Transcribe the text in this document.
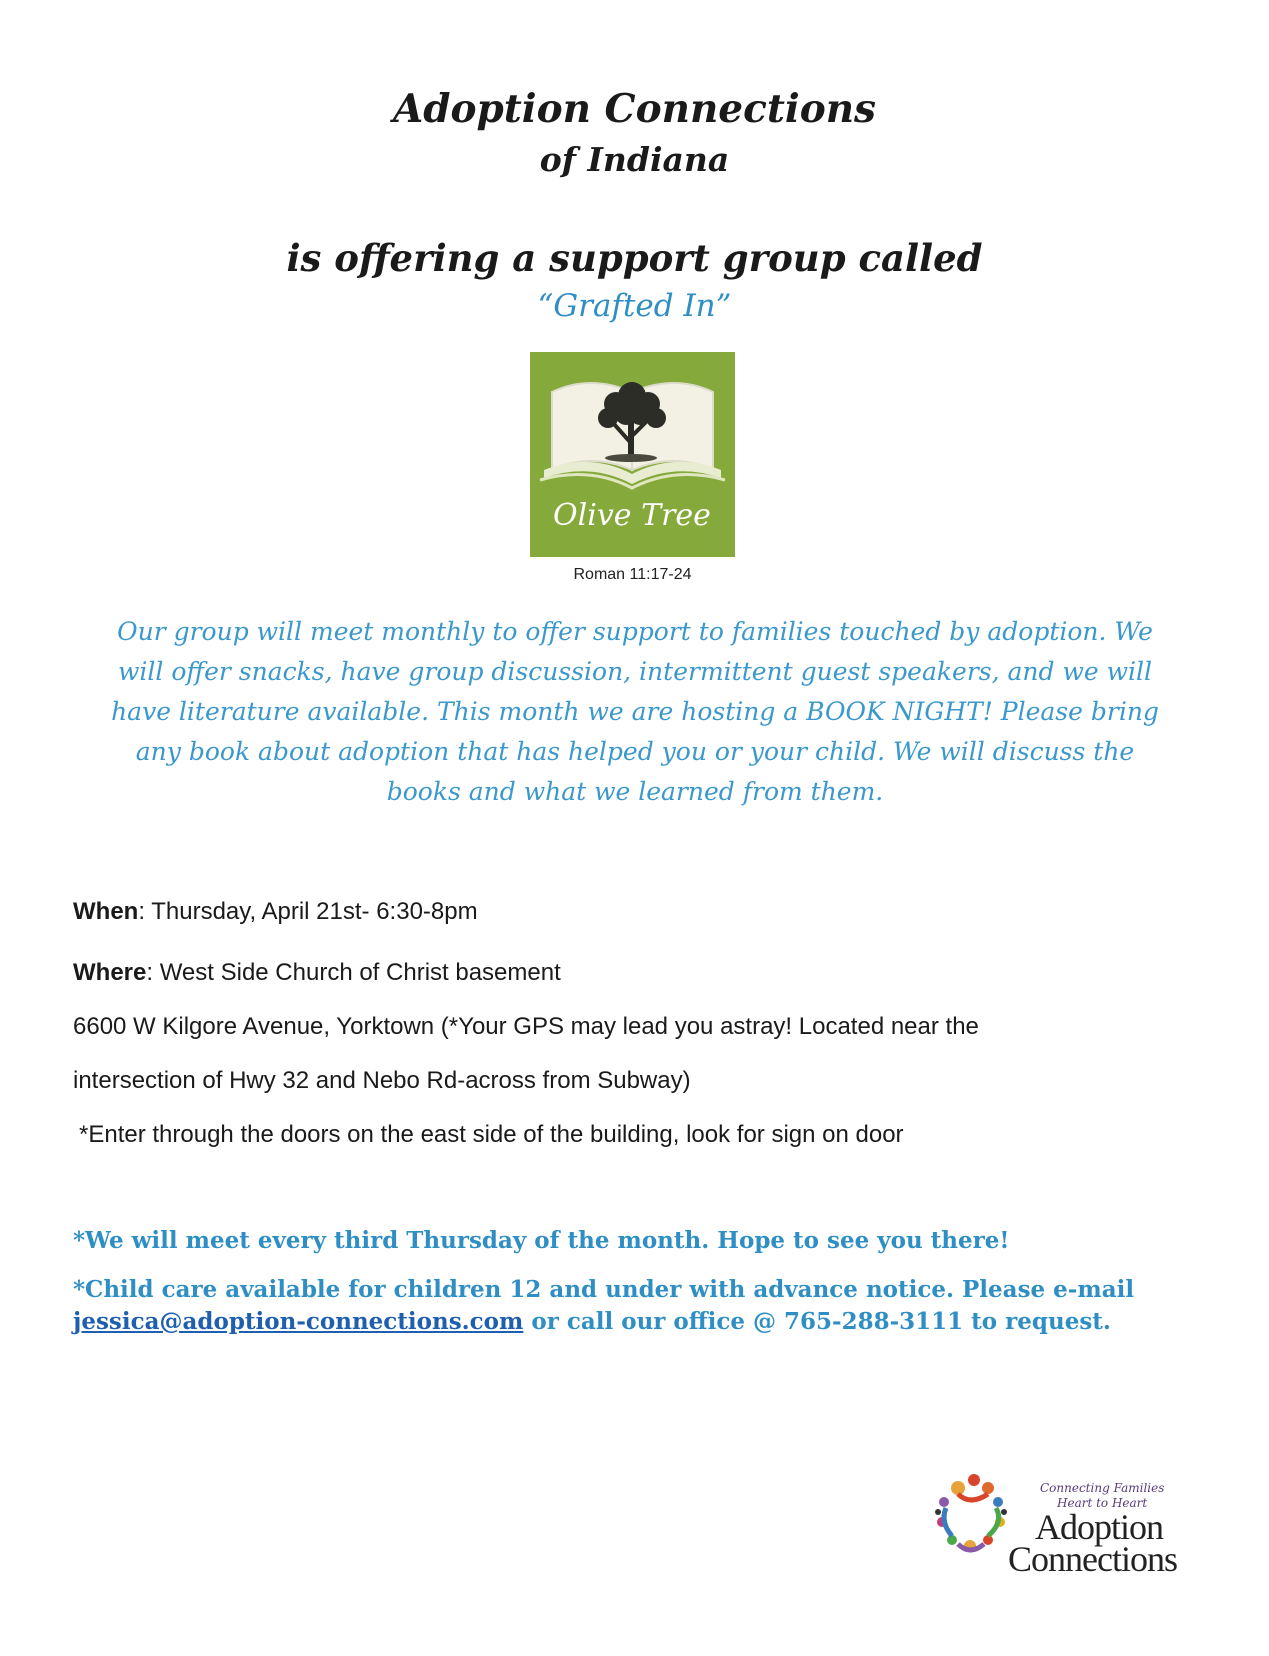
Adoption Connections
of Indiana
is offering a support group called
“Grafted In”
Olive Tree
Roman 11:17-24

Our group will meet monthly to offer support to families touched by adoption. We

will offer snacks, have group discussion, intermittent guest speakers, and we will

have literature available. This month we are hosting a BOOK NIGHT! Please bring

any book about adoption that has helped you or your child. We will discuss the

books and what we learned from them.

When: Thursday, April 21st- 6:30-8pm
Where: West Side Church of Christ basement
6600 W Kilgore Avenue, Yorktown (*Your GPS may lead you astray! Located near the
intersection of Hwy 32 and Nebo Rd-across from Subway)
*Enter through the doors on the east side of the building, look for sign on door
*We will meet every third Thursday of the month. Hope to see you there!
*Child care available for children 12 and under with advance notice. Please e-mail
jessica@adoption-connections.com or call our office @ 765-288-3111 to request.
Connecting Families
Heart to Heart
Adoption
Connections
